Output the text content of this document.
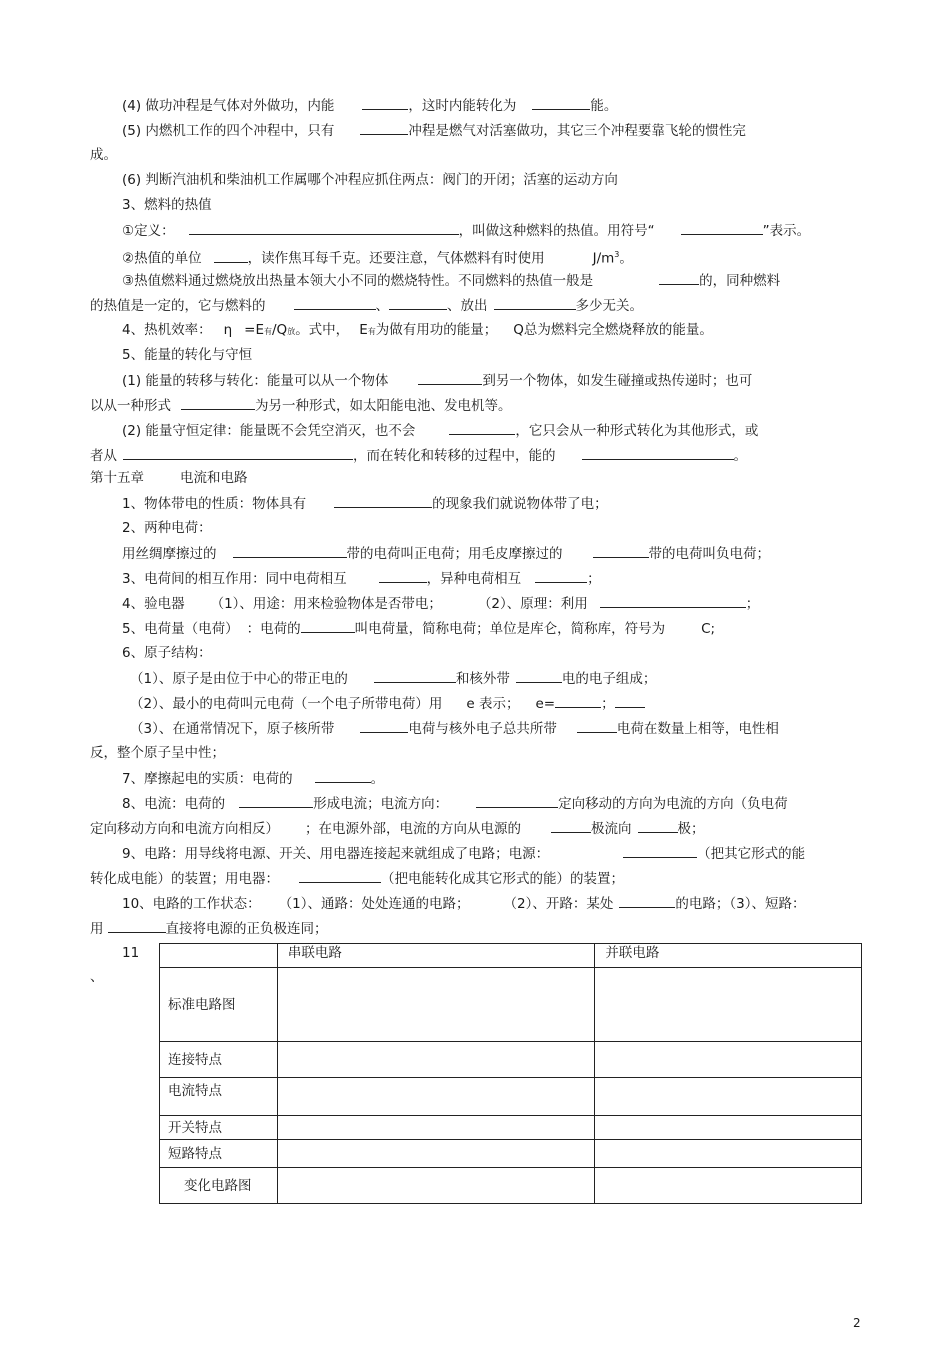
(4) 做功冲程是气体对外做功，内能	，这时内能转化为	能。
(5) 内燃机工作的四个冲程中，只有	冲程是燃气对活塞做功，其它三个冲程要靠飞轮的惯性完
成。
(6) 判断汽油机和柴油机工作属哪个冲程应抓住两点：阀门的开闭；活塞的运动方向
3、燃料的热值
①定义：	，叫做这种燃料的热值。用符号“	”表示。
②热值的单位	，读作焦耳每千克。还要注意，气体燃料有时使用	$J/m^3$。
③热值燃料通过燃烧放出热量本领大小不同的燃烧特性。不同燃料的热值一般是	的，同种燃料
的热值是一定的，它与燃料的	、	、放出	多少无关。
4、热机效率： η =E有/Q放。式中， E有为做有用功的能量； Q总为燃料完全燃烧释放的能量。
5、能量的转化与守恒
(1) 能量的转移与转化：能量可以从一个物体	到另一个物体，如发生碰撞或热传递时；也可
以从一种形式	为另一种形式，如太阳能电池、发电机等。
(2) 能量守恒定律：能量既不会凭空消灭，也不会	，它只会从一种形式转化为其他形式，或
者从	，而在转化和转移的过程中，能的	。
第十五章	电流和电路
1、物体带电的性质：物体具有	的现象我们就说物体带了电；
2、两种电荷：
用丝绸摩擦过的	带的电荷叫正电荷；用毛皮摩擦过的	带的电荷叫负电荷；
3、电荷间的相互作用：同中电荷相互	，异种电荷相互	；
4、验电器 （1）、用途：用来检验物体是否带电；	（2）、原理：利用	；
5、电荷量（电荷） ：电荷的	叫电荷量，简称电荷；单位是库仑，简称库，符号为	C;
6、原子结构：
（1）、原子是由位于中心的带正电的	和核外带	电的电子组成；
（2）、最小的电荷叫元电荷（一个电子所带电荷）用 e 表示； e=	；
（3）、在通常情况下，原子核所带	电荷与核外电子总共所带	电荷在数量上相等，电性相
反，整个原子呈中性；
7、摩擦起电的实质：电荷的	。
8、电流：电荷的	形成电流；电流方向：	定向移动的方向为电流的方向（负电荷
定向移动方向和电流方向相反） ；在电源外部，电流的方向从电源的	极流向	极；
9、电路：用导线将电源、开关、用电器连接起来就组成了电路；电源：	（把其它形式的能
转化成电能）的装置；用电器：	（把电能转化成其它形式的能）的装置；
10、电路的工作状态： （1）、通路：处处连通的电路；	（2）、开路：某处	的电路；（3）、短路：
用	直接将电源的正负极连同；
11
、
	串联电路	并联电路
标准电路图		
连接特点		
电流特点		
开关特点		
短路特点		
变化电路图		
2
